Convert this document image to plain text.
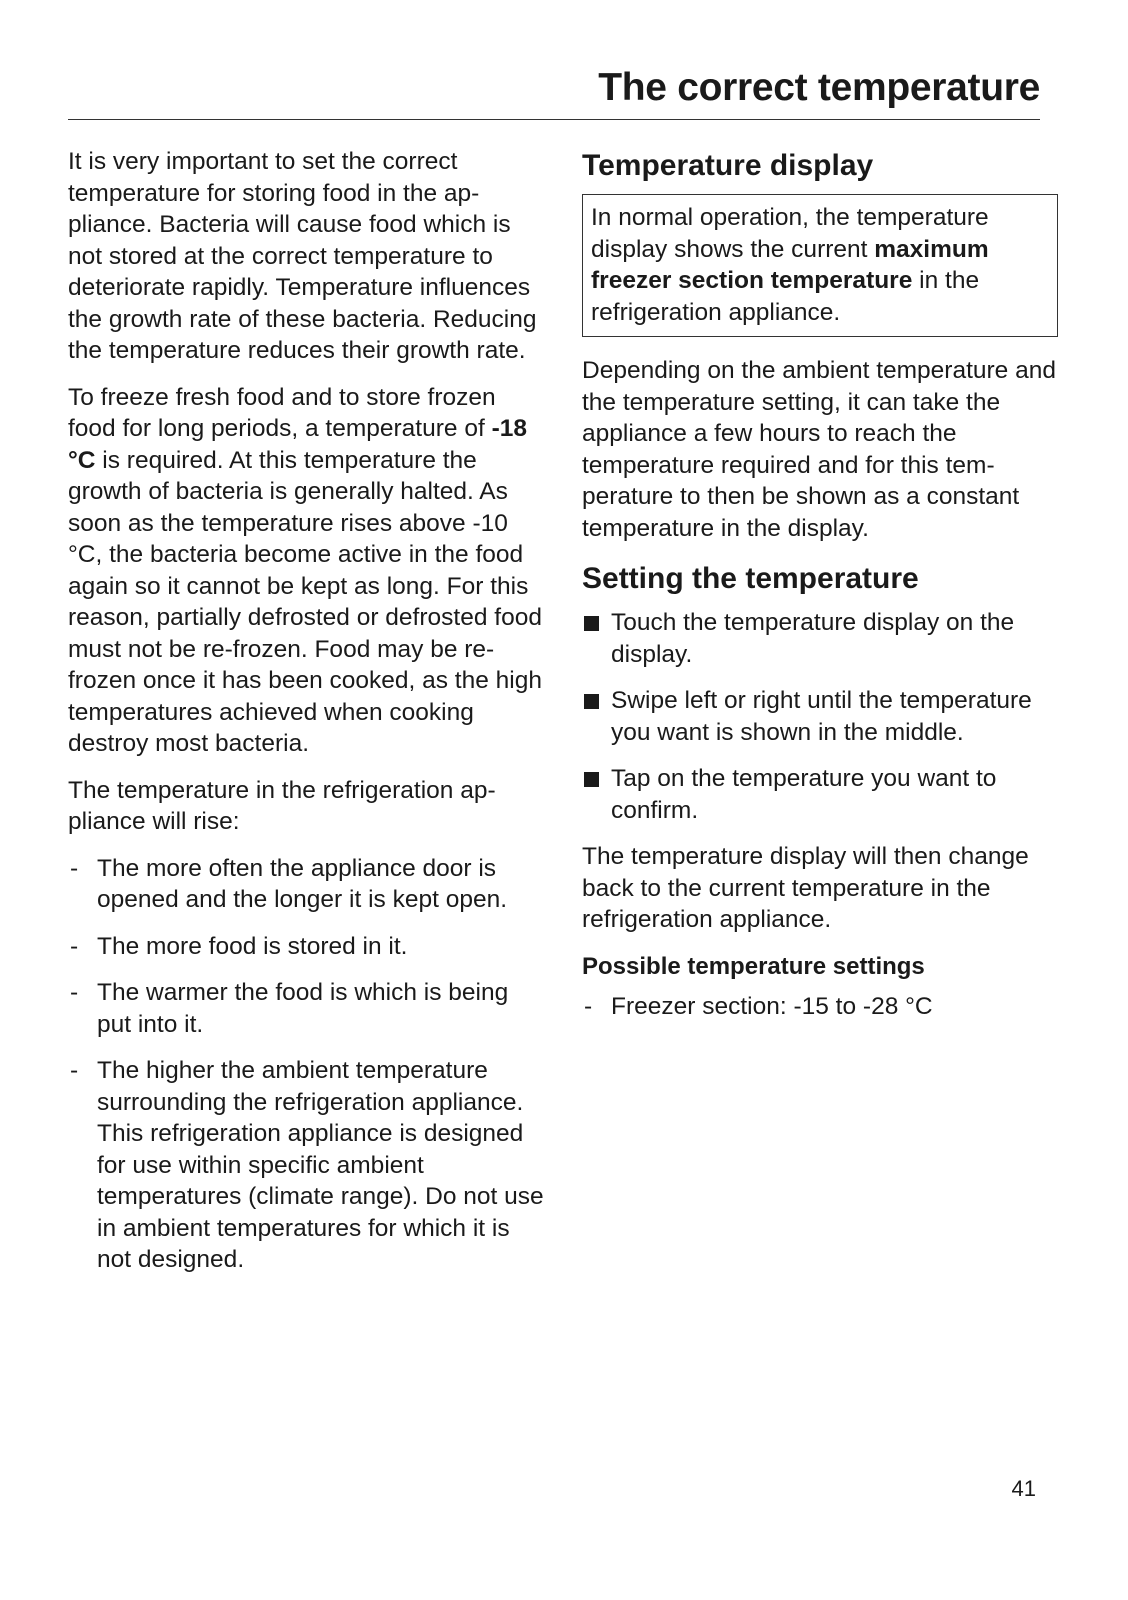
The correct temperature

It is very important to set the correct temperature for storing food in the appliance. Bacteria will cause food which is not stored at the correct temperature to deteriorate rapidly. Temperature influences the growth rate of these bacteria. Reducing the temperature reduces their growth rate.

To freeze fresh food and to store frozen food for long periods, a temperature of -18 °C is required. At this temperature the growth of bacteria is generally halted. As soon as the temperature rises above -10 °C, the bacteria become active in the food again so it cannot be kept as long. For this reason, partially defrosted or defrosted food must not be re-frozen. Food may be re-frozen once it has been cooked, as the high temperatures achieved when cooking destroy most bacteria.

The temperature in the refrigeration appliance will rise:

- The more often the appliance door is opened and the longer it is kept open.
- The more food is stored in it.
- The warmer the food is which is being put into it.
- The higher the ambient temperature surrounding the refrigeration appliance. This refrigeration appliance is designed for use within specific ambient temperatures (climate range). Do not use in ambient temperatures for which it is not designed.
Temperature display
In normal operation, the temperature display shows the current maximum freezer section temperature in the refrigeration appliance.

Depending on the ambient temperature and the temperature setting, it can take the appliance a few hours to reach the temperature required and for this temperature to then be shown as a constant temperature in the display.

Setting the temperature
Touch the temperature display on the display.
Swipe left or right until the temperature you want is shown in the middle.
Tap on the temperature you want to confirm.

The temperature display will then change back to the current temperature in the refrigeration appliance.

Possible temperature settings
- Freezer section: -15 to -28 °C
41
